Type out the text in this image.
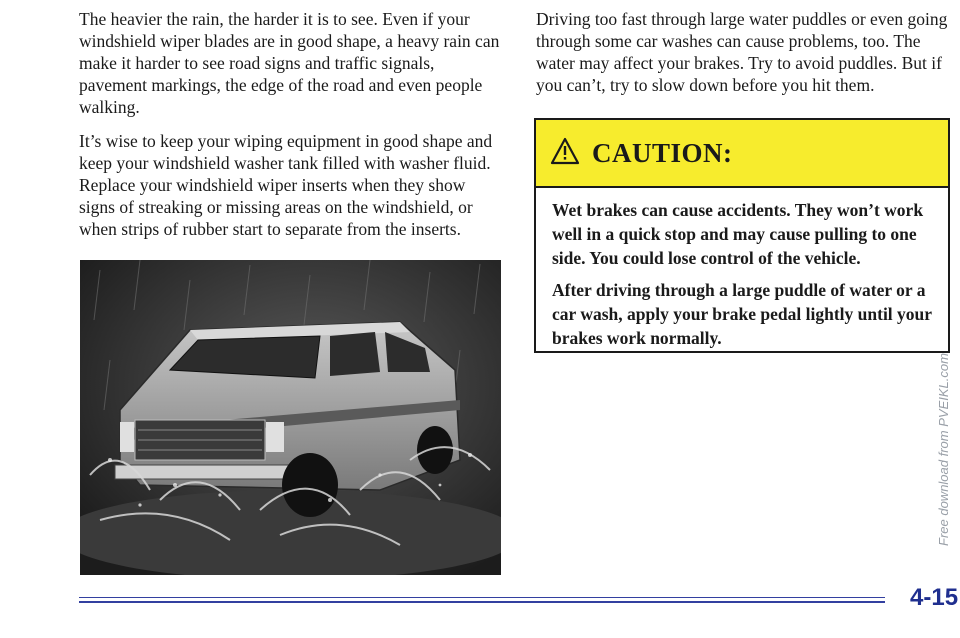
The heavier the rain, the harder it is to see. Even if your windshield wiper blades are in good shape, a heavy rain can make it harder to see road signs and traffic signals, pavement markings, the edge of the road and even people walking.

It’s wise to keep your wiping equipment in good shape and keep your windshield washer tank filled with washer fluid. Replace your windshield wiper inserts when they show signs of streaking or missing areas on the windshield, or when strips of rubber start to separate from the inserts.

Driving too fast through large water puddles or even going through some car washes can cause problems, too. The water may affect your brakes. Try to avoid puddles. But if you can’t, try to slow down before you hit them.

CAUTION:

Wet brakes can cause accidents. They won’t work well in a quick stop and may cause pulling to one side. You could lose control of the vehicle.

After driving through a large puddle of water or a car wash, apply your brake pedal lightly until your brakes work normally.

4-15
Free download from PVEIKL.com
